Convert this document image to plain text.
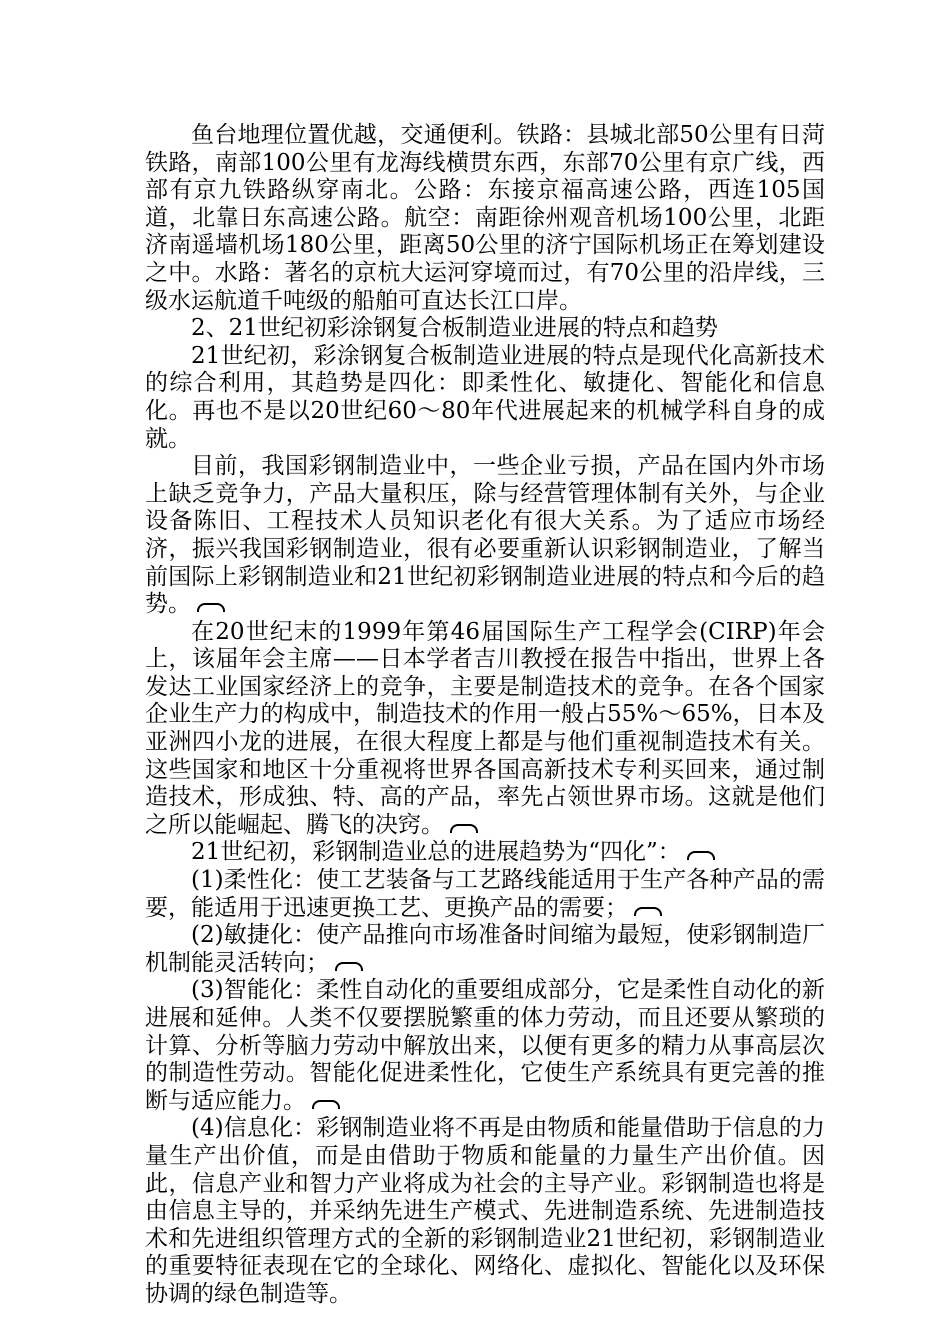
鱼台地理位置优越，交通便利。铁路：县城北部50公里有日菏铁路，南部100公里有龙海线横贯东西，东部70公里有京广线，西部有京九铁路纵穿南北。公路：东接京福高速公路，西连105国道，北靠日东高速公路。航空：南距徐州观音机场100公里，北距济南遥墙机场180公里，距离50公里的济宁国际机场正在筹划建设之中。水路：著名的京杭大运河穿境而过，有70公里的沿岸线，三级水运航道千吨级的船舶可直达长江口岸。

2、21世纪初彩涂钢复合板制造业进展的特点和趋势

21世纪初，彩涂钢复合板制造业进展的特点是现代化高新技术的综合利用，其趋势是四化：即柔性化、敏捷化、智能化和信息化。再也不是以20世纪60～80年代进展起来的机械学科自身的成就。

目前，我国彩钢制造业中，一些企业亏损，产品在国内外市场上缺乏竞争力，产品大量积压，除与经营管理体制有关外，与企业设备陈旧、工程技术人员知识老化有很大关系。为了适应市场经济，振兴我国彩钢制造业，很有必要重新认识彩钢制造业，了解当前国际上彩钢制造业和21世纪初彩钢制造业进展的特点和今后的趋势。

在20世纪末的1999年第46届国际生产工程学会(CIRP)年会上，该届年会主席——日本学者吉川教授在报告中指出，世界上各发达工业国家经济上的竞争，主要是制造技术的竞争。在各个国家企业生产力的构成中，制造技术的作用一般占55%～65%，日本及亚洲四小龙的进展，在很大程度上都是与他们重视制造技术有关。这些国家和地区十分重视将世界各国高新技术专利买回来，通过制造技术，形成独、特、高的产品，率先占领世界市场。这就是他们之所以能崛起、腾飞的决窍。

21世纪初，彩钢制造业总的进展趋势为“四化”：

(1)柔性化：使工艺装备与工艺路线能适用于生产各种产品的需要，能适用于迅速更换工艺、更换产品的需要；

(2)敏捷化：使产品推向市场准备时间缩为最短，使彩钢制造厂机制能灵活转向；

(3)智能化：柔性自动化的重要组成部分，它是柔性自动化的新进展和延伸。人类不仅要摆脱繁重的体力劳动，而且还要从繁琐的计算、分析等脑力劳动中解放出来，以便有更多的精力从事高层次的制造性劳动。智能化促进柔性化，它使生产系统具有更完善的推断与适应能力。

(4)信息化：彩钢制造业将不再是由物质和能量借助于信息的力量生产出价值，而是由借助于物质和能量的力量生产出价值。因此，信息产业和智力产业将成为社会的主导产业。彩钢制造也将是由信息主导的，并采纳先进生产模式、先进制造系统、先进制造技术和先进组织管理方式的全新的彩钢制造业21世纪初，彩钢制造业的重要特征表现在它的全球化、网络化、虚拟化、智能化以及环保协调的绿色制造等。
